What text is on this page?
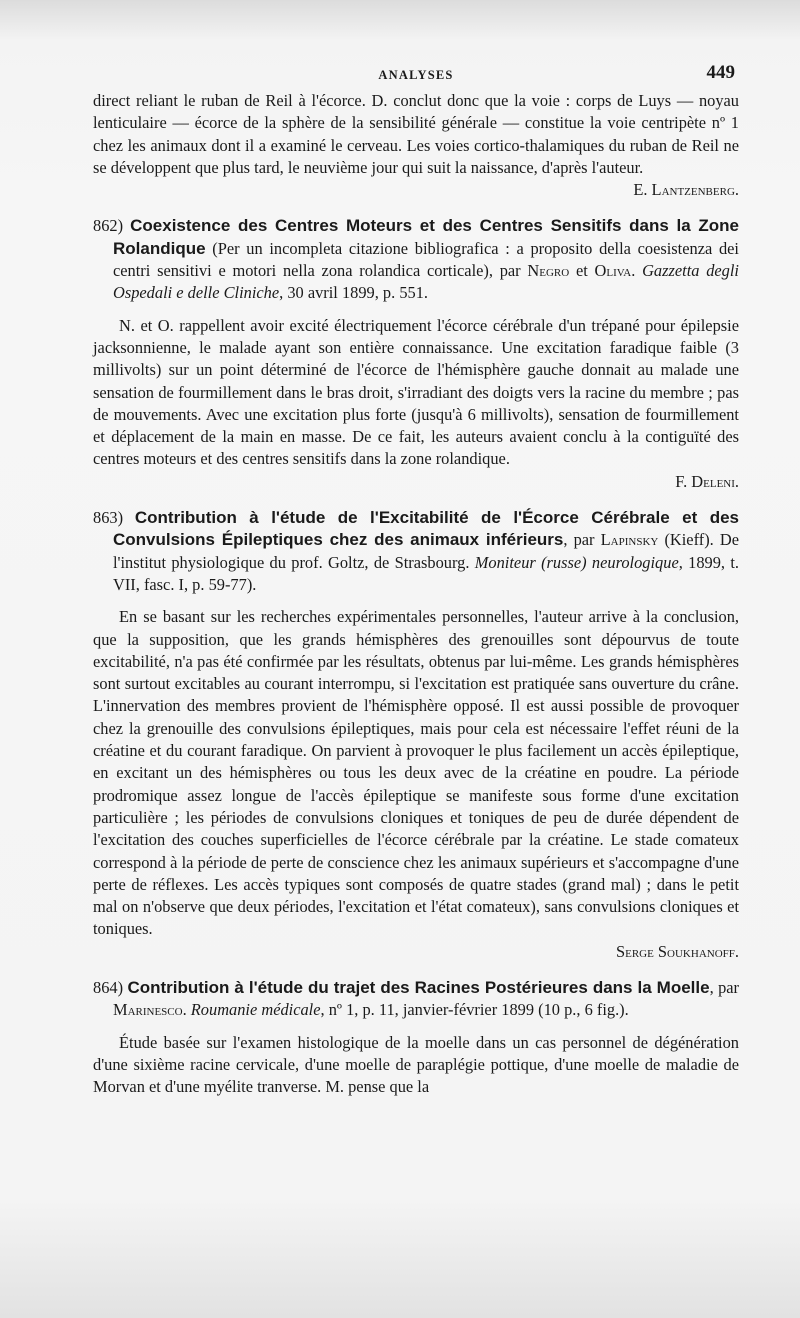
ANALYSES	449

direct reliant le ruban de Reil à l'écorce. D. conclut donc que la voie : corps de Luys — noyau lenticulaire — écorce de la sphère de la sensibilité générale — constitue la voie centripète nº 1 chez les animaux dont il a examiné le cerveau. Les voies cortico-thalamiques du ruban de Reil ne se développent que plus tard, le neuvième jour qui suit la naissance, d'après l'auteur.

E. Lantzenberg.

862) Coexistence des Centres Moteurs et des Centres Sensitifs dans la Zone Rolandique (Per un incompleta citazione bibliografica : a proposito della coesistenza dei centri sensitivi e motori nella zona rolandica corticale), par Negro et Oliva. Gazzetta degli Ospedali e delle Cliniche, 30 avril 1899, p. 551.

N. et O. rappellent avoir excité électriquement l'écorce cérébrale d'un trépané pour épilepsie jacksonnienne, le malade ayant son entière connaissance. Une excitation faradique faible (3 millivolts) sur un point déterminé de l'écorce de l'hémisphère gauche donnait au malade une sensation de fourmillement dans le bras droit, s'irradiant des doigts vers la racine du membre ; pas de mouvements. Avec une excitation plus forte (jusqu'à 6 millivolts), sensation de fourmillement et déplacement de la main en masse. De ce fait, les auteurs avaient conclu à la contiguïté des centres moteurs et des centres sensitifs dans la zone rolandique.

F. Deleni.

863) Contribution à l'étude de l'Excitabilité de l'Écorce Cérébrale et des Convulsions Épileptiques chez des animaux inférieurs, par Lapinsky (Kieff). De l'institut physiologique du prof. Goltz, de Strasbourg. Moniteur (russe) neurologique, 1899, t. VII, fasc. I, p. 59-77).

En se basant sur les recherches expérimentales personnelles, l'auteur arrive à la conclusion, que la supposition, que les grands hémisphères des grenouilles sont dépourvus de toute excitabilité, n'a pas été confirmée par les résultats, obtenus par lui-même. Les grands hémisphères sont surtout excitables au courant interrompu, si l'excitation est pratiquée sans ouverture du crâne. L'innervation des membres provient de l'hémisphère opposé. Il est aussi possible de provoquer chez la grenouille des convulsions épileptiques, mais pour cela est nécessaire l'effet réuni de la créatine et du courant faradique. On parvient à provoquer le plus facilement un accès épileptique, en excitant un des hémisphères ou tous les deux avec de la créatine en poudre. La période prodromique assez longue de l'accès épileptique se manifeste sous forme d'une excitation particulière ; les périodes de convulsions cloniques et toniques de peu de durée dépendent de l'excitation des couches superficielles de l'écorce cérébrale par la créatine. Le stade comateux correspond à la période de perte de conscience chez les animaux supérieurs et s'accompagne d'une perte de réflexes. Les accès typiques sont composés de quatre stades (grand mal) ; dans le petit mal on n'observe que deux périodes, l'excitation et l'état comateux), sans convulsions cloniques et toniques.

Serge Soukhanoff.

864) Contribution à l'étude du trajet des Racines Postérieures dans la Moelle, par Marinesco. Roumanie médicale, nº 1, p. 11, janvier-février 1899 (10 p., 6 fig.).

Étude basée sur l'examen histologique de la moelle dans un cas personnel de dégénération d'une sixième racine cervicale, d'une moelle de paraplégie pottique, d'une moelle de maladie de Morvan et d'une myélite tranverse. M. pense que la
